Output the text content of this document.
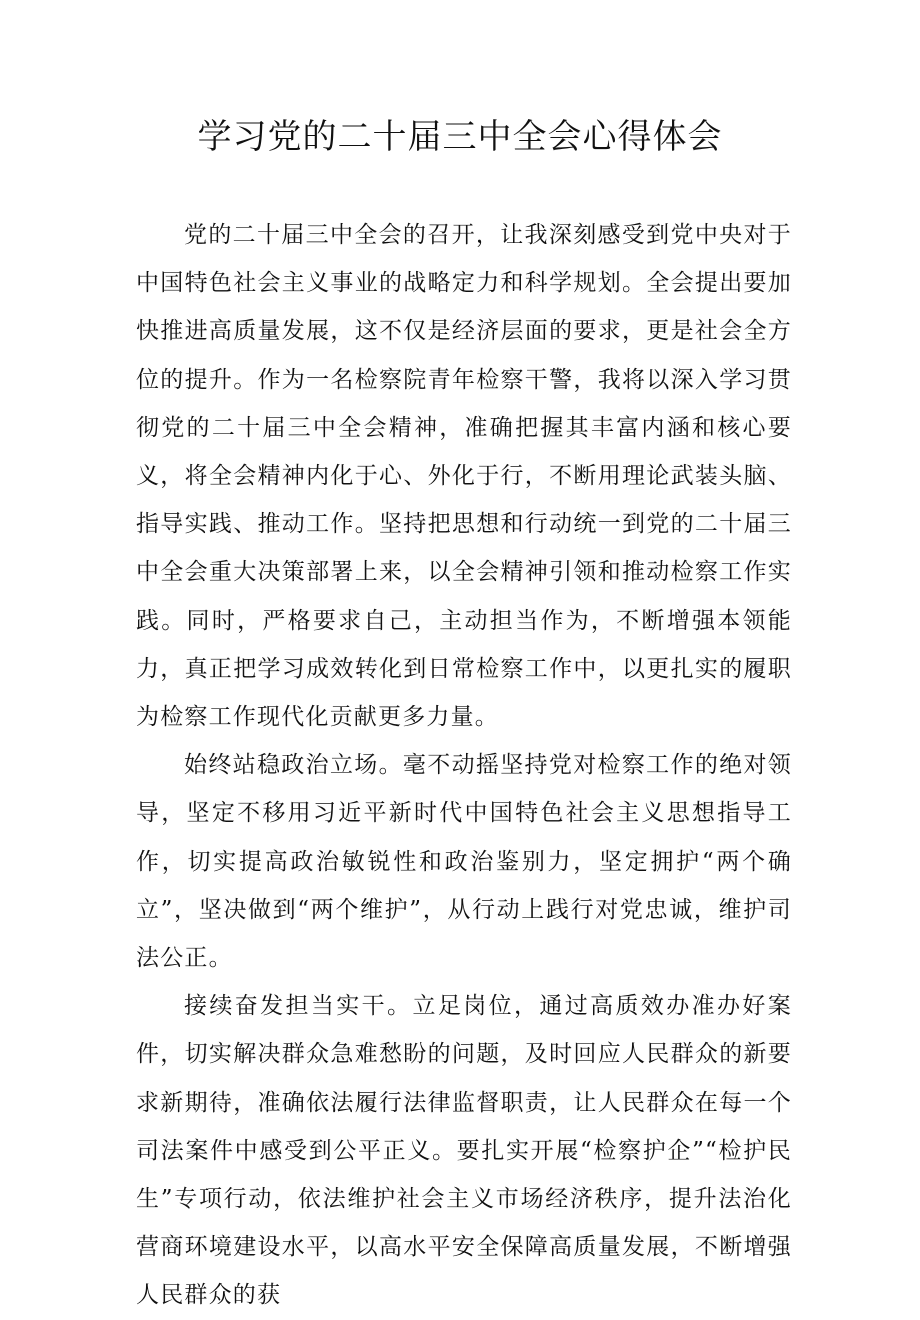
学习党的二十届三中全会心得体会

党的二十届三中全会的召开，让我深刻感受到党中央对于中国特色社会主义事业的战略定力和科学规划。全会提出要加快推进高质量发展，这不仅是经济层面的要求，更是社会全方位的提升。作为一名检察院青年检察干警，我将以深入学习贯彻党的二十届三中全会精神，准确把握其丰富内涵和核心要义，将全会精神内化于心、外化于行，不断用理论武装头脑、指导实践、推动工作。坚持把思想和行动统一到党的二十届三中全会重大决策部署上来，以全会精神引领和推动检察工作实践。同时，严格要求自己，主动担当作为，不断增强本领能力，真正把学习成效转化到日常检察工作中，以更扎实的履职为检察工作现代化贡献更多力量。

始终站稳政治立场。毫不动摇坚持党对检察工作的绝对领导，坚定不移用习近平新时代中国特色社会主义思想指导工作，切实提高政治敏锐性和政治鉴别力，坚定拥护“两个确立”，坚决做到“两个维护”，从行动上践行对党忠诚，维护司法公正。

接续奋发担当实干。立足岗位，通过高质效办准办好案件，切实解决群众急难愁盼的问题，及时回应人民群众的新要求新期待，准确依法履行法律监督职责，让人民群众在每一个司法案件中感受到公平正义。要扎实开展“检察护企”“检护民生”专项行动，依法维护社会主义市场经济秩序，提升法治化营商环境建设水平，以高水平安全保障高质量发展，不断增强人民群众的获
